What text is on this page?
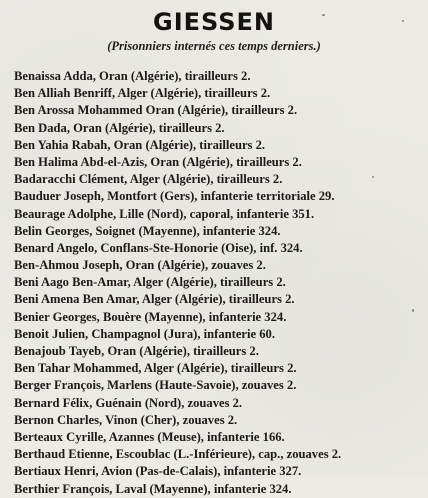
GIESSEN
(Prisonniers internés ces temps derniers.)
Benaissa Adda, Oran (Algérie), tirailleurs 2.
Ben Alliah Benriff, Alger (Algérie), tirailleurs 2.
Ben Arossa Mohammed Oran (Algérie), tirailleurs 2.
Ben Dada, Oran (Algérie), tirailleurs 2.
Ben Yahia Rabah, Oran (Algérie), tirailleurs 2.
Ben Halima Abd-el-Azis, Oran (Algérie), tirailleurs 2.
Badaracchi Clément, Alger (Algérie), tirailleurs 2.
Bauduer Joseph, Montfort (Gers), infanterie territoriale 29.
Beaurage Adolphe, Lille (Nord), caporal, infanterie 351.
Belin Georges, Soignet (Mayenne), infanterie 324.
Benard Angelo, Conflans-Ste-Honorie (Oise), inf. 324.
Ben-Ahmou Joseph, Oran (Algérie), zouaves 2.
Beni Aago Ben-Amar, Alger (Algérie), tirailleurs 2.
Beni Amena Ben Amar, Alger (Algérie), tirailleurs 2.
Benier Georges, Bouère (Mayenne), infanterie 324.
Benoit Julien, Champagnol (Jura), infanterie 60.
Benajoub Tayeb, Oran (Algérie), tirailleurs 2.
Ben Tahar Mohammed, Alger (Algérie), tirailleurs 2.
Berger François, Marlens (Haute-Savoie), zouaves 2.
Bernard Félix, Guénain (Nord), zouaves 2.
Bernon Charles, Vinon (Cher), zouaves 2.
Berteaux Cyrille, Azannes (Meuse), infanterie 166.
Berthaud Etienne, Escoublac (L.-Inférieure), cap., zouaves 2.
Bertiaux Henri, Avion (Pas-de-Calais), infanterie 327.
Berthier François, Laval (Mayenne), infanterie 324.
